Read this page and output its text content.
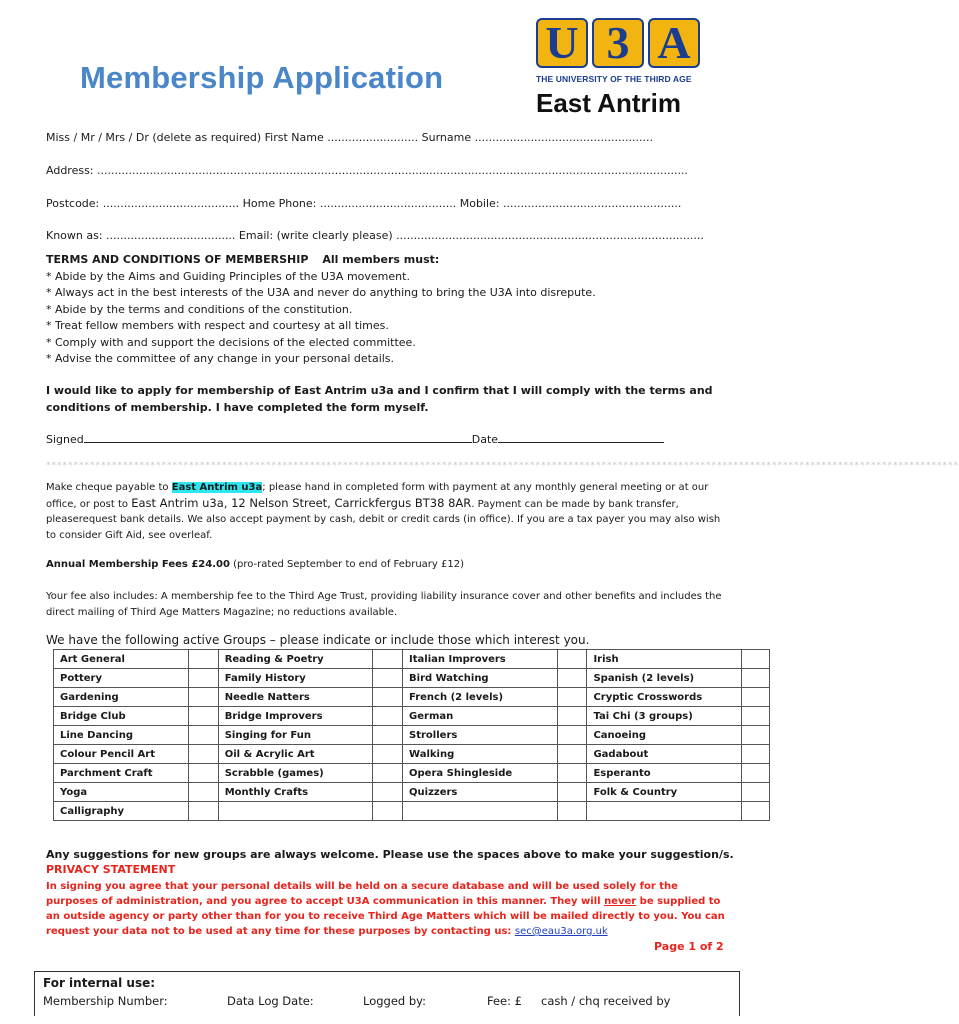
Membership Application
U 3 A
THE UNIVERSITY OF THE THIRD AGE
East Antrim
Miss / Mr / Mrs / Dr (delete as required) First Name .......................... Surname ...................................................
Address: .........................................................................................................................................................................
Postcode: ....................................... Home Phone: ....................................... Mobile: ...................................................
Known as: ..................................... Email: (write clearly please) ........................................................................................
TERMS AND CONDITIONS OF MEMBERSHIP All members must:
* Abide by the Aims and Guiding Principles of the U3A movement.
* Always act in the best interests of the U3A and never do anything to bring the U3A into disrepute.
* Abide by the terms and conditions of the constitution.
* Treat fellow members with respect and courtesy at all times.
* Comply with and support the decisions of the elected committee.
* Advise the committee of any change in your personal details.
I would like to apply for membership of East Antrim u3a and I confirm that I will comply with the terms and conditions of membership. I have completed the form myself.
Signed	Date
**********************************************************************************************************************************************************************
Make cheque payable to East Antrim u3a; please hand in completed form with payment at any monthly general meeting or at our office, or post to East Antrim u3a, 12 Nelson Street, Carrickfergus BT38 8AR. Payment can be made by bank transfer, pleaserequest bank details. We also accept payment by cash, debit or credit cards (in office). If you are a tax payer you may also wish to consider Gift Aid, see overleaf.
Annual Membership Fees £24.00 (pro-rated September to end of February £12)
Your fee also includes: A membership fee to the Third Age Trust, providing liability insurance cover and other benefits and includes the direct mailing of Third Age Matters Magazine; no reductions available.
We have the following active Groups – please indicate or include those which interest you.
Art General		Reading & Poetry		Italian Improvers		Irish	
Pottery		Family History		Bird Watching		Spanish (2 levels)	
Gardening		Needle Natters		French (2 levels)		Cryptic Crosswords	
Bridge Club		Bridge Improvers		German		Tai Chi (3 groups)	
Line Dancing		Singing for Fun		Strollers		Canoeing	
Colour Pencil Art		Oil & Acrylic Art		Walking		Gadabout	
Parchment Craft		Scrabble (games)		Opera Shingleside		Esperanto	
Yoga		Monthly Crafts		Quizzers		Folk & Country	
Calligraphy							
Any suggestions for new groups are always welcome. Please use the spaces above to make your suggestion/s.
PRIVACY STATEMENT
In signing you agree that your personal details will be held on a secure database and will be used solely for the purposes of administration, and you agree to accept U3A communication in this manner. They will never be supplied to an outside agency or party other than for you to receive Third Age Matters which will be mailed directly to you. You can request your data not to be used at any time for these purposes by contacting us: sec@eau3a.org.uk
Page 1 of 2
For internal use:
Membership Number:	Data Log Date:	Logged by:	Fee: £ cash / chq received by
